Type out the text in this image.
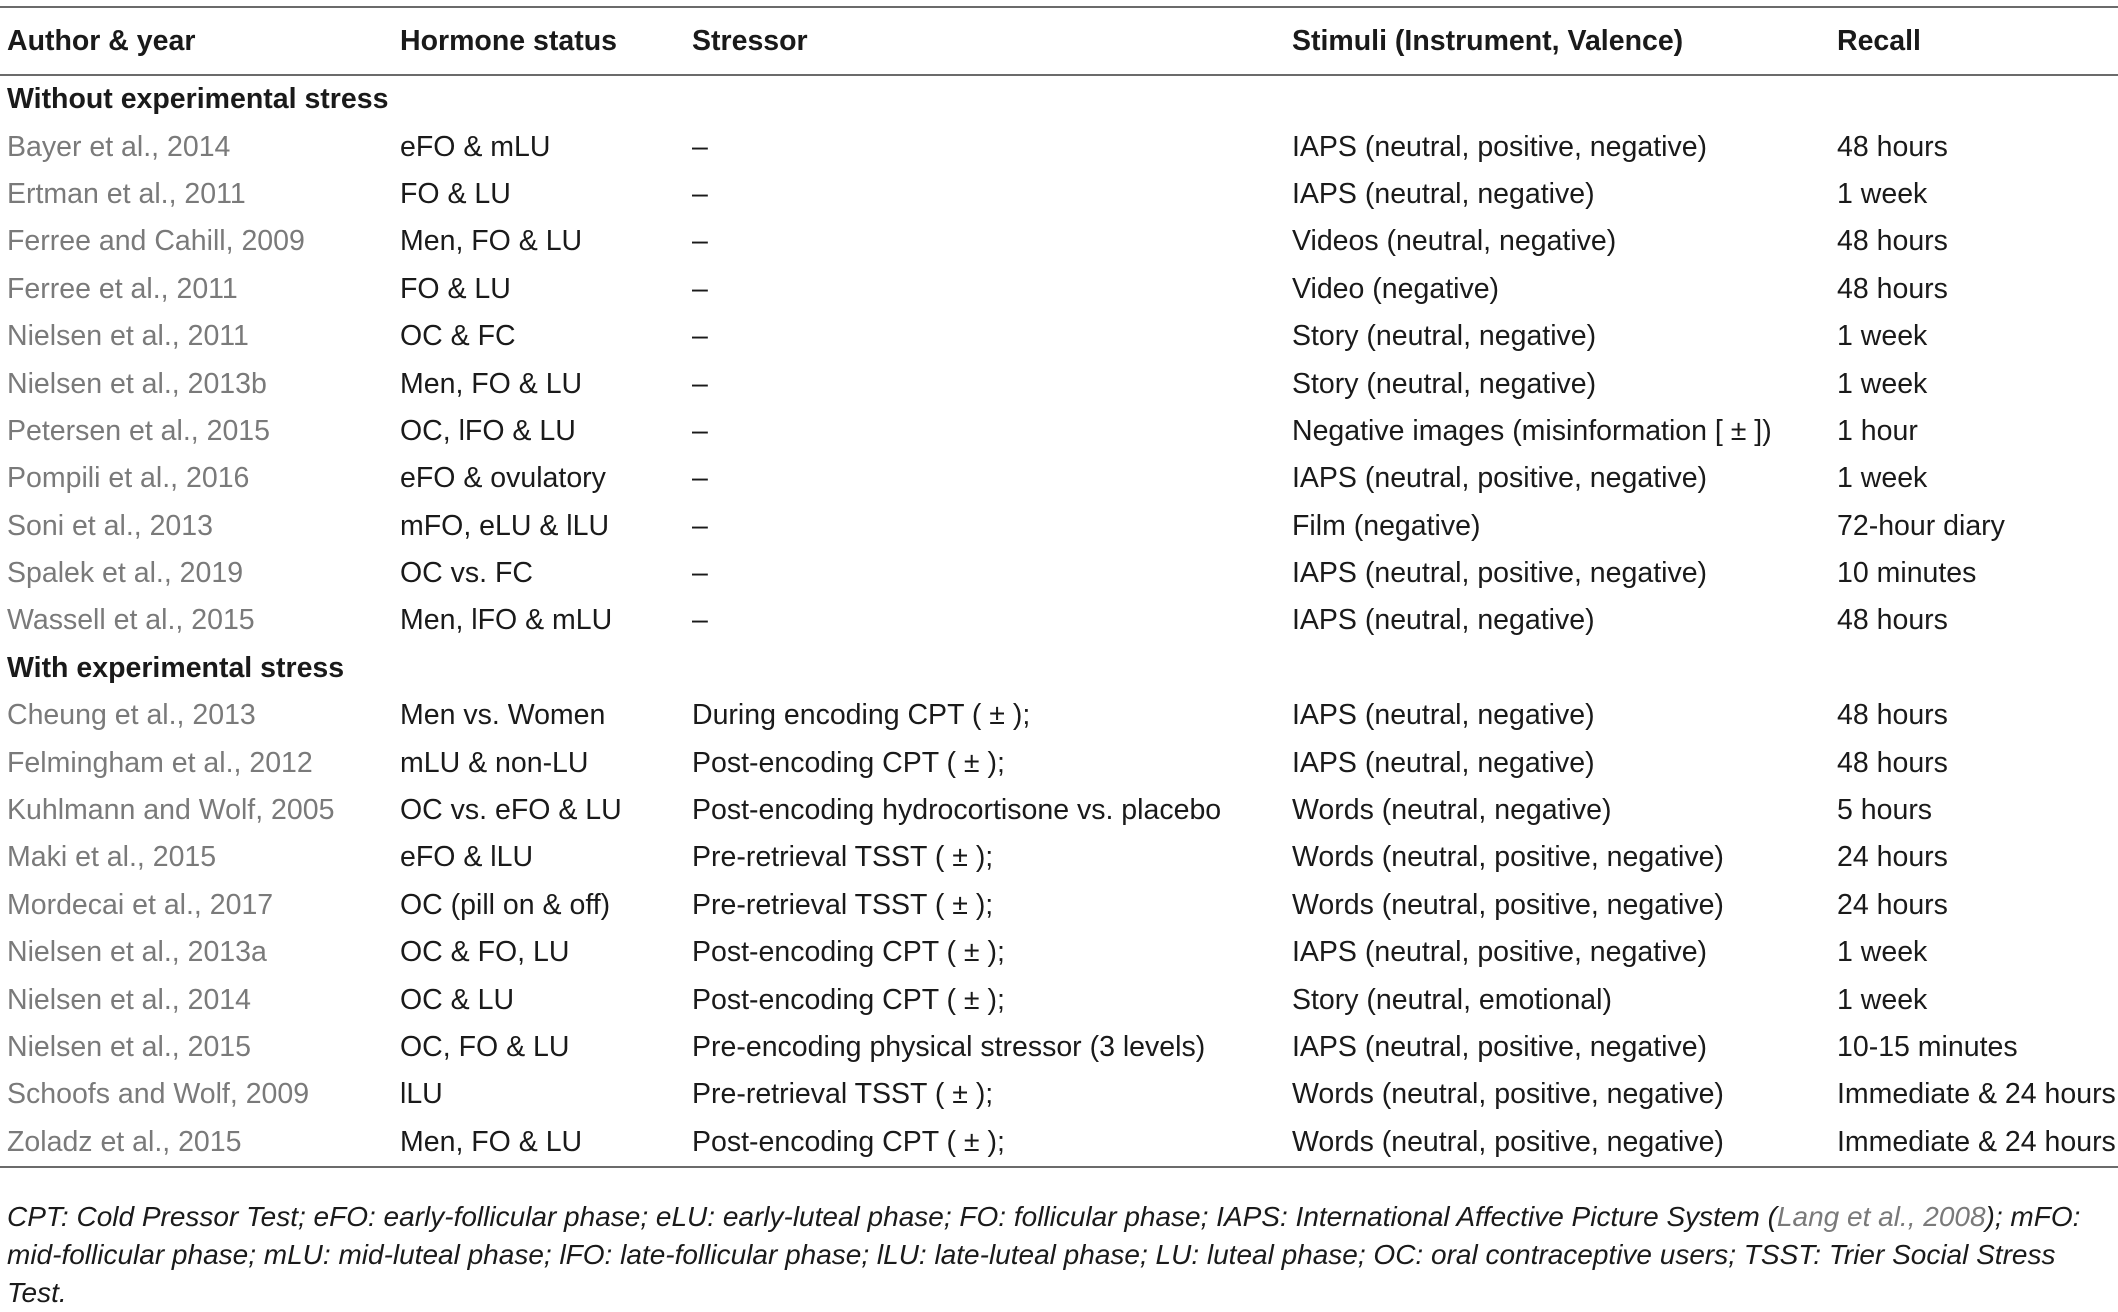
Author & year	Hormone status	Stressor	Stimuli (Instrument, Valence)	Recall
Without experimental stress				
Bayer et al., 2014	eFO & mLU	–	IAPS (neutral, positive, negative)	48 hours
Ertman et al., 2011	FO & LU	–	IAPS (neutral, negative)	1 week
Ferree and Cahill, 2009	Men, FO & LU	–	Videos (neutral, negative)	48 hours
Ferree et al., 2011	FO & LU	–	Video (negative)	48 hours
Nielsen et al., 2011	OC & FC	–	Story (neutral, negative)	1 week
Nielsen et al., 2013b	Men, FO & LU	–	Story (neutral, negative)	1 week
Petersen et al., 2015	OC, lFO & LU	–	Negative images (misinformation [ ± ])	1 hour
Pompili et al., 2016	eFO & ovulatory	–	IAPS (neutral, positive, negative)	1 week
Soni et al., 2013	mFO, eLU & lLU	–	Film (negative)	72-hour diary
Spalek et al., 2019	OC vs. FC	–	IAPS (neutral, positive, negative)	10 minutes
Wassell et al., 2015	Men, lFO & mLU	–	IAPS (neutral, negative)	48 hours
With experimental stress				
Cheung et al., 2013	Men vs. Women	During encoding CPT ( ± );	IAPS (neutral, negative)	48 hours
Felmingham et al., 2012	mLU & non-LU	Post-encoding CPT ( ± );	IAPS (neutral, negative)	48 hours
Kuhlmann and Wolf, 2005	OC vs. eFO & LU	Post-encoding hydrocortisone vs. placebo	Words (neutral, negative)	5 hours
Maki et al., 2015	eFO & lLU	Pre-retrieval TSST ( ± );	Words (neutral, positive, negative)	24 hours
Mordecai et al., 2017	OC (pill on & off)	Pre-retrieval TSST ( ± );	Words (neutral, positive, negative)	24 hours
Nielsen et al., 2013a	OC & FO, LU	Post-encoding CPT ( ± );	IAPS (neutral, positive, negative)	1 week
Nielsen et al., 2014	OC & LU	Post-encoding CPT ( ± );	Story (neutral, emotional)	1 week
Nielsen et al., 2015	OC, FO & LU	Pre-encoding physical stressor (3 levels)	IAPS (neutral, positive, negative)	10-15 minutes
Schoofs and Wolf, 2009	lLU	Pre-retrieval TSST ( ± );	Words (neutral, positive, negative)	Immediate & 24 hours
Zoladz et al., 2015	Men, FO & LU	Post-encoding CPT ( ± );	Words (neutral, positive, negative)	Immediate & 24 hours
CPT: Cold Pressor Test; eFO: early-follicular phase; eLU: early-luteal phase; FO: follicular phase; IAPS: International Affective Picture System (Lang et al., 2008); mFO: mid-follicular phase; mLU: mid-luteal phase; lFO: late-follicular phase; lLU: late-luteal phase; LU: luteal phase; OC: oral contraceptive users; TSST: Trier Social Stress Test.
